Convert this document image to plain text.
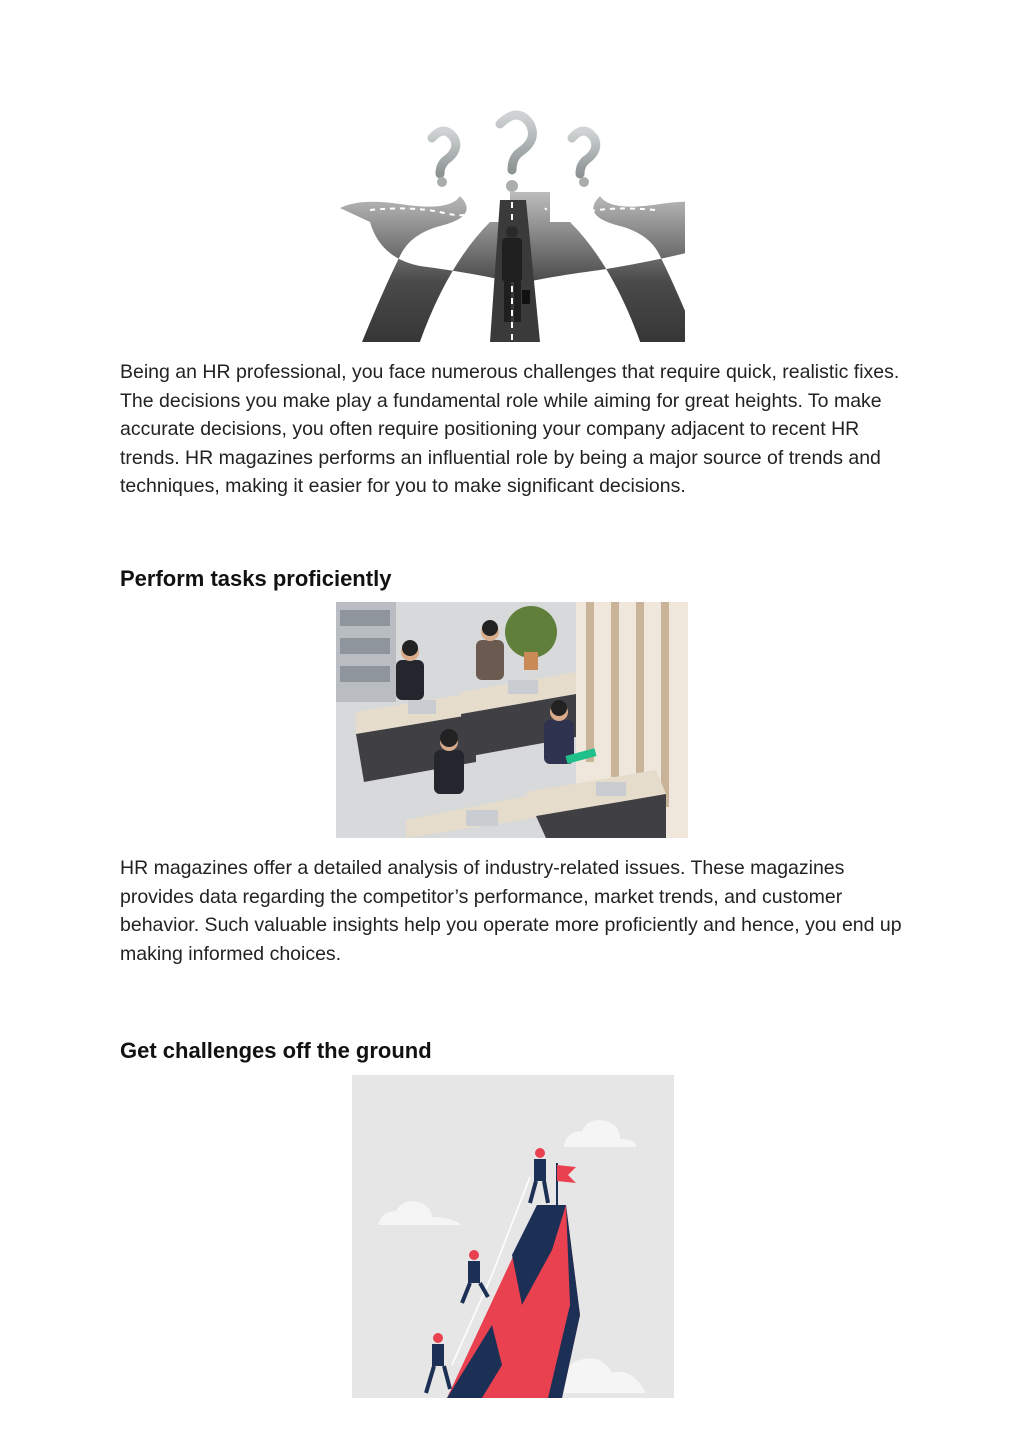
Being an HR professional, you face numerous challenges that require quick, realistic fixes. The decisions you make play a fundamental role while aiming for great heights. To make accurate decisions, you often require positioning your company adjacent to recent HR trends. HR magazines performs an influential role by being a major source of trends and techniques, making it easier for you to make significant decisions.

Perform tasks proficiently

HR magazines offer a detailed analysis of industry-related issues. These magazines provides data regarding the competitor’s performance, market trends, and customer behavior. Such valuable insights help you operate more proficiently and hence, you end up making informed choices.

Get challenges off the ground
